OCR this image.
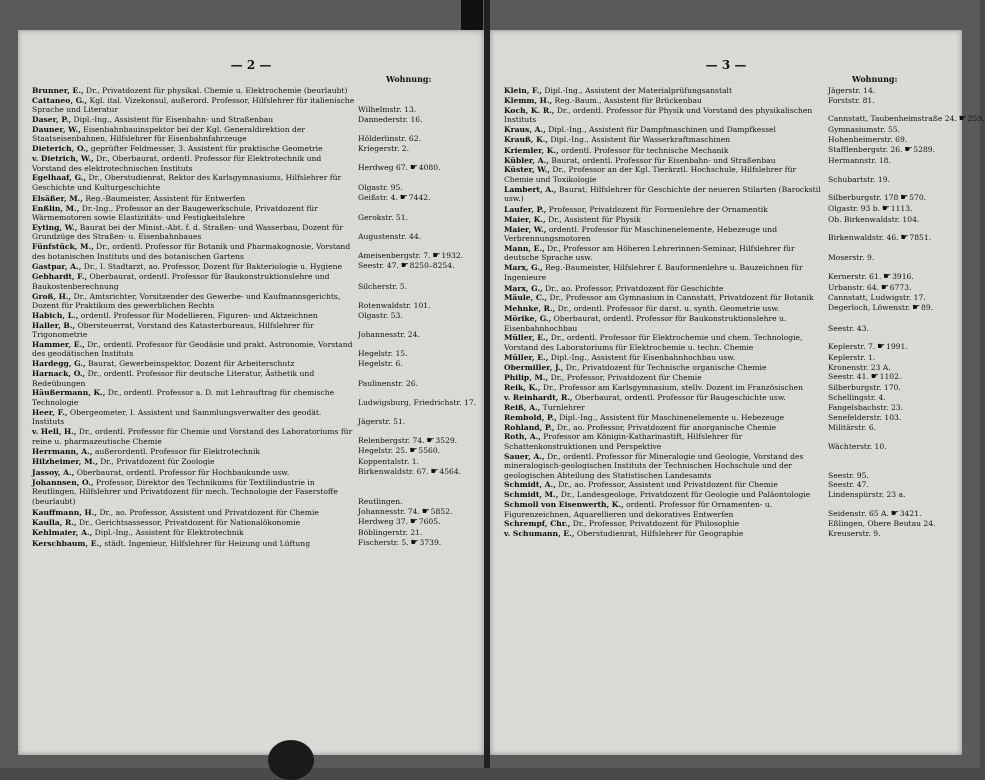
— 2 —
Wohnung:
Brunner, E., Dr., Privatdozent für physikal. Chemie u. Elektrochemie (beurlaubt)
Cattaneo, G., Kgl. ital. Vizekonsul, außerord. Professor, Hilfslehrer für italienische Sprache und Literatur	Wilhelmstr. 13.
Daser, P., Dipl.-Ing., Assistent für Eisenbahn- und Straßenbau	Dannederstr. 16.
Dauner, W., Eisenbahnbauinspektor bei der Kgl. Generaldirektion der Staatseisenbahnen, Hilfslehrer für Eisenbahnfahrzeuge	Hölderlinstr. 62.
Dieterich, O., geprüfter Feldmesser, 3. Assistent für praktische Geometrie	Kriegerstr. 2.
v. Dietrich, W., Dr., Oberbaurat, ordentl. Professor für Elektrotechnik und Vorstand des elektrotechnischen Instituts	Herdweg 67. ☛ 4080.
Egelhaaf, G., Dr., Oberstudienrat, Rektor des Karlsgymnasiums, Hilfslehrer für Geschichte und Kulturgeschichte	Olgastr. 95.
Elsäßer, M., Reg.-Baumeister, Assistent für Entwerfen	Geißstr. 4. ☛ 7442.
Enßlin, M., Dr.-Ing., Professor an der Baugewerkschule, Privatdozent für Wärmemotoren sowie Elastizitäts- und Festigkeitslehre	Gerokstr. 51.
Eyting, W., Baurat bei der Minist.-Abt. f. d. Straßen- und Wasserbau, Dozent für Grundzüge des Straßen- u. Eisenbahnbaues	Augustenstr. 44.
Fünfstück, M., Dr., ordentl. Professor für Botanik und Pharmakognosie, Vorstand des botanischen Instituts und des botanischen Gartens	Ameisenbergstr. 7. ☛ 1932.
Gastpar, A., Dr., I. Stadtarzt, ao. Professor, Dozent für Bakteriologie u. Hygiene	Seestr. 47. ☛ 8250–8254.
Gebhardt, F., Oberbaurat, ordentl. Professor für Baukonstruktionslehre und Baukostenberechnung	Silcherstr. 5.
Groß, H., Dr., Amtsrichter, Vorsitzender des Gewerbe- und Kaufmannsgerichts, Dozent für Praktikum des gewerblichen Rechts	Rotenwaldstr. 101.
Habich, L., ordentl. Professor für Modellieren, Figuren- und Aktzeichnen	Olgastr. 53.
Haller, B., Obersteuerrat, Vorstand des Katasterbureaus, Hilfslehrer für Trigonometrie	Johannesstr. 24.
Hammer, E., Dr., ordentl. Professor für Geodäsie und prakt. Astronomie, Vorstand des geodätischen Instituts	Hegelstr. 15.
Hardegg, G., Baurat, Gewerbeinspektor, Dozent für Arbeiterschutz	Hegelstr. 6.
Harnack, O., Dr., ordentl. Professor für deutsche Literatur, Ästhetik und Redeübungen	Paulinenstr. 26.
Häußermann, K., Dr., ordentl. Professor a. D. mit Lehrauftrag für chemische Technologie	Ludwigsburg, Friedrichstr. 17.
Heer, F., Obergeometer, I. Assistent und Sammlungsverwalter des geodät. Instituts	Jägerstr. 51.
v. Hell, H., Dr., ordentl. Professor für Chemie und Vorstand des Laboratoriums für reine u. pharmazeutische Chemie	Relenbergstr. 74. ☛ 3529.
Herrmann, A., außerordentl. Professor für Elektrotechnik	Hegelstr. 25. ☛ 5560.
Hilzheimer, M., Dr., Privatdozent für Zoologie	Koppentalstr. 1.
Jassoy, A., Oberbaurat, ordentl. Professor für Hochbaukunde usw.	Birkenwaldstr. 67. ☛ 4564.
Johannsen, O., Professor, Direktor des Technikums für Textilindustrie in Reutlingen, Hilfslehrer und Privatdozent für mech. Technologie der Faserstoffe (beurlaubt)	Reutlingen.
Kauffmann, H., Dr., ao. Professor, Assistent und Privatdozent für Chemie	Johannesstr. 74. ☛ 5852.
Kaulla, R., Dr., Gerichtsassessor, Privatdozent für Nationalökonomie	Herdweg 37. ☛ 7605.
Kehlmaier, A., Dipl.-Ing., Assistent für Elektrotechnik	Böblingerstr. 21.
Kerschbaum, E., städt. Ingenieur, Hilfslehrer für Heizung und Lüftung	Fischerstr. 5. ☛ 3739.
— 3 —
Wohnung:
Klein, F., Dipl.-Ing., Assistent der Materialprüfungsanstalt	Jägerstr. 14.
Klemm, H., Reg.-Baum., Assistent für Brückenbau	Forststr. 81.
Koch, K. R., Dr., ordentl. Professor für Physik und Vorstand des physikalischen Instituts	Cannstatt, Taubenheimstraße 24. ☛ 259.
Kraus, A., Dipl.-Ing., Assistent für Dampfmaschinen und Dampfkessel	Gymnasiumstr. 55.
Krauß, K., Dipl.-Ing., Assistent für Wasserkraftmaschinen	Hohenheimerstr. 69.
Kriemler, K., ordentl. Professor für technische Mechanik	Stafflenbergstr. 26. ☛ 5289.
Kübler, A., Baurat, ordentl. Professor für Eisenbahn- und Straßenbau	Hermannstr. 18.
Küster, W., Dr., Professor an der Kgl. Tierärztl. Hochschule, Hilfslehrer für Chemie und Toxikologie	Schubartstr. 19.
Lambert, A., Baurat, Hilfslehrer für Geschichte der neueren Stilarten (Barockstil usw.)	Silberburgstr. 178 ☛ 570.
Laufer, P., Professor, Privatdozent für Formenlehre der Ornamentik	Olgastr. 93 b. ☛ 1113.
Maier, K., Dr., Assistent für Physik	Ob. Birkenwaldstr. 104.
Maier, W., ordentl. Professor für Maschinenelemente, Hebezeuge und Verbrennungsmotoren	Birkenwaldstr. 46. ☛ 7851.
Mann, E., Dr., Professor am Höheren Lehrerinnen-Seminar, Hilfslehrer für deutsche Sprache usw.	Moserstr. 9.
Marx, G., Reg.-Baumeister, Hilfslehrer f. Bauformenlehre u. Bauzeichnen für Ingenieure	Kernerstr. 61. ☛ 3916.
Marx, G., Dr., ao. Professor, Privatdozent für Geschichte	Urbanstr. 64. ☛ 6773.
Mäule, C., Dr., Professor am Gymnasium in Cannstatt, Privatdozent für Botanik	Cannstatt, Ludwigstr. 17.
Mehnke, R., Dr., ordentl. Professor für darst. u. synth. Geometrie usw.	Degerloch, Löwenstr. ☛ 89.
Mörike, G., Oberbaurat, ordentl. Professor für Baukonstruktionslehre u. Eisenbahnhochbau	Seestr. 43.
Müller, E., Dr., ordentl. Professor für Elektrochemie und chem. Technologie, Vorstand des Laboratoriums für Elektrochemie u. techn. Chemie	Keplerstr. 7. ☛ 1991.
Müller, E., Dipl.-Ing., Assistent für Eisenbahnhochbau usw.	Keplerstr. 1.
Obermiller, J., Dr., Privatdozent für Technische organische Chemie	Kronenstr. 23 A.
Philip, M., Dr., Professor, Privatdozent für Chemie	Seestr. 41. ☛ 1102.
Reik, K., Dr., Professor am Karlsgymnasium, stellv. Dozent im Französischen	Silberburgstr. 170.
v. Reinhardt, R., Oberbaurat, ordentl. Professor für Baugeschichte usw.	Schellingstr. 4.
Reiß, A., Turnlehrer	Fangelsbachstr. 23.
Rembold, P., Dipl.-Ing., Assistent für Maschinenelemente u. Hebezeuge	Senefelderstr. 103.
Rohland, P., Dr., ao. Professor, Privatdozent für anorganische Chemie	Militärstr. 6.
Roth, A., Professor am Königin-Katharinastift, Hilfslehrer für Schattenkonstruktionen und Perspektive	Wächterstr. 10.
Sauer, A., Dr., ordentl. Professor für Mineralogie und Geologie, Vorstand des mineralogisch-geologischen Instituts der Technischen Hochschule und der geologischen Abteilung des Statistischen Landesamts	Seestr. 95.
Schmidt, A., Dr., ao. Professor, Assistent und Privatdozent für Chemie	Seestr. 47.
Schmidt, M., Dr., Landesgeologe, Privatdozent für Geologie und Paläontologie	Lindenspürstr. 23 a.
Schmoll von Eisenwerth, K., ordentl. Professor für Ornamenten- u. Figurenzeichnen, Aquarellieren und dekoratives Entwerfen	Seidenstr. 65 A. ☛ 3421.
Schrempf, Chr., Dr., Professor, Privatdozent für Philosophie	Eßlingen, Obere Beutau 24.
v. Schumann, E., Oberstudienrat, Hilfslehrer für Geographie	Kreuserstr. 9.
